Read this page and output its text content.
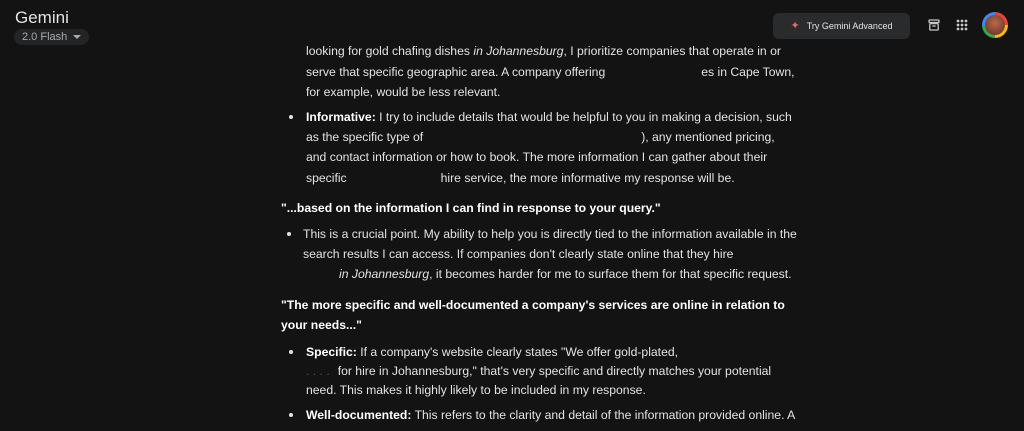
Gemini
2.0 Flash
✦ Try Gemini Advanced
looking for gold chafing dishes in Johannesburg, I prioritize companies that operate in or
serve that specific geographic area. A company offering	es in Cape Town,
for example, would be less relevant.
Informative: I try to include details that would be helpful to you in making a decision, such
as the specific type of	), any mentioned pricing,
and contact information or how to book. The more information I can gather about their
specific	hire service, the more informative my response will be.
"...based on the information I can find in response to your query."
This is a crucial point. My ability to help you is directly tied to the information available in the
search results I can access. If companies don't clearly state online that they hire
in Johannesburg, it becomes harder for me to surface them for that specific request.
"The more specific and well-documented a company's services are online in relation to
your needs..."
Specific: If a company's website clearly states "We offer gold-plated,
. . . . for hire in Johannesburg," that's very specific and directly matches your potential
need. This makes it highly likely to be included in my response.
Well-documented: This refers to the clarity and detail of the information provided online. A
